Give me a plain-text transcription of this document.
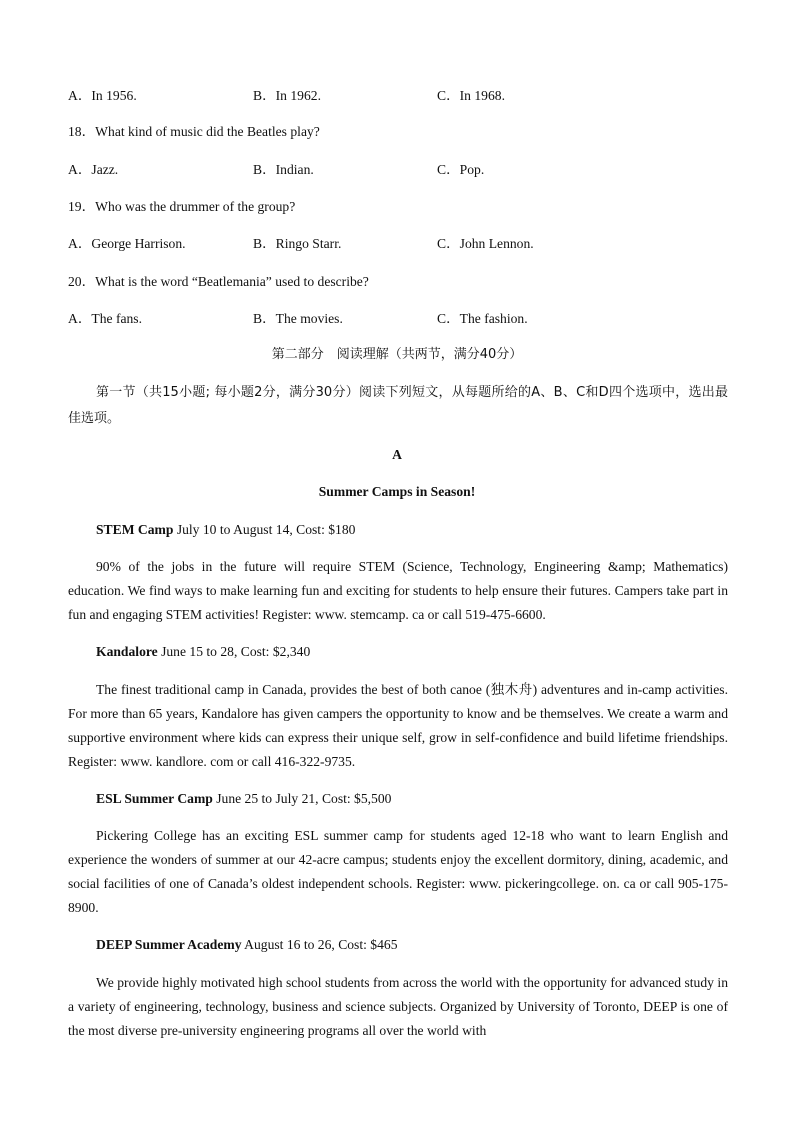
A．In 1956.	B．In 1962.	C．In 1968.
18．What kind of music did the Beatles play?
A．Jazz.	B．Indian.	C．Pop.
19．Who was the drummer of the group?
A．George Harrison.	B．Ringo Starr.	C．John Lennon.
20．What is the word “Beatlemania” used to describe?
A．The fans.	B．The movies.	C．The fashion.
第二部分　阅读理解（共两节，满分40分）
第一节（共15小题; 每小题2分，满分30分）阅读下列短文，从每题所给的A、B、C和D四个选项中，选出最佳选项。
A
Summer Camps in Season!
STEM Camp July 10 to August 14, Cost: $180
90% of the jobs in the future will require STEM (Science, Technology, Engineering &amp; Mathematics) education. We find ways to make learning fun and exciting for students to help ensure their futures. Campers take part in fun and engaging STEM activities! Register: www. stemcamp. ca or call 519-475-6600.
Kandalore June 15 to 28, Cost: $2,340
The finest traditional camp in Canada, provides the best of both canoe (独木舟) adventures and in-camp activities. For more than 65 years, Kandalore has given campers the opportunity to know and be themselves. We create a warm and supportive environment where kids can express their unique self, grow in self-confidence and build lifetime friendships. Register: www. kandlore. com or call 416-322-9735.
ESL Summer Camp June 25 to July 21, Cost: $5,500
Pickering College has an exciting ESL summer camp for students aged 12-18 who want to learn English and experience the wonders of summer at our 42-acre campus; students enjoy the excellent dormitory, dining, academic, and social facilities of one of Canada’s oldest independent schools. Register: www. pickeringcollege. on. ca or call 905-175-8900.
DEEP Summer Academy August 16 to 26, Cost: $465
We provide highly motivated high school students from across the world with the opportunity for advanced study in a variety of engineering, technology, business and science subjects. Organized by University of Toronto, DEEP is one of the most diverse pre-university engineering programs all over the world with
